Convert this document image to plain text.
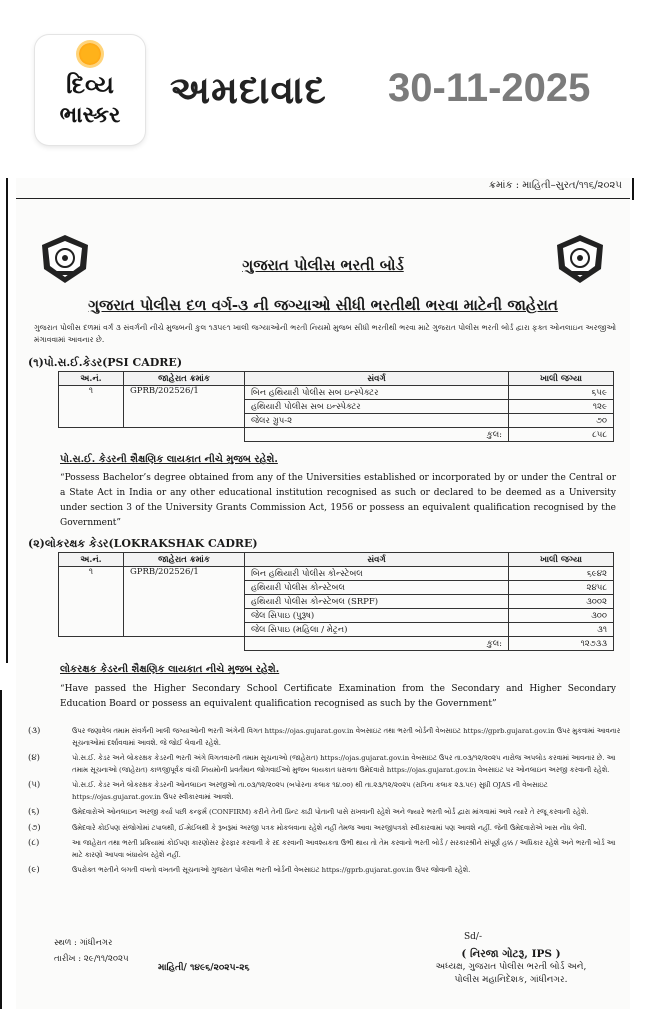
દિવ્ય
ભાસ્કર
અમદાવાદ 30-11-2025
ક્રમાંક : માહિતી–સુરત/૧૧૬/૨૦૨૫
ગુજરાત પોલીસ ભરતી બોર્ડ
ગુજરાત પોલીસ દળ વર્ગ-૩ ની જગ્યાઓ સીધી ભરતીથી ભરવા માટેની જાહેરાત
ગુજરાત પોલીસ દળમાં વર્ગ ૩ સંવર્ગની નીચે મુજબની કુલ ૧૩૫૯૧ ખાલી જગ્યાઓની ભરતી નિયમો મુજબ સીધી ભરતીથી ભરવા માટે ગુજરાત પોલીસ ભરતી બોર્ડ દ્વારા ફક્ત ઓનલાઇન અરજીઓ મંગાવવામાં આવનાર છે.
(૧)પો.સ.ઈ.કેડર(PSI CADRE)
અ.નં.	જાહેરાત ક્રમાંક	સંવર્ગ	ખાલી જગ્યા
૧	GPRB/202526/1	બિન હથિયારી પોલીસ સબ ઇન્સ્પેક્ટર	૬૫૯
		હથિયારી પોલીસ સબ ઇન્સ્પેક્ટર	૧૨૯
		જેલર ગ્રુપ-૨	૭૦
		કુલ:	૮૫૮
પો.સ.ઈ. કેડરની શૈક્ષણિક લાયકાત નીચે મુજબ રહેશે.
“Possess Bachelor’s degree obtained from any of the Universities established or incorporated by or under the Central or a State Act in India or any other educational institution recognised as such or declared to be deemed as a University under section 3 of the University Grants Commission Act, 1956 or possess an equivalent qualification recognised by the Government”
(૨)લોકરક્ષક કેડર(LOKRAKSHAK CADRE)
અ.નં.	જાહેરાત ક્રમાંક	સંવર્ગ	ખાલી જગ્યા
૧	GPRB/202526/1	બિન હથિયારી પોલીસ કોન્સ્ટેબલ	૬૯૪૨
		હથિયારી પોલીસ કોન્સ્ટેબલ	૨૪૫૮
		હથિયારી પોલીસ કોન્સ્ટેબલ (SRPF)	૩૦૦૨
		જેલ સિપાઇ (પુરૂષ)	૩૦૦
		જેલ સિપાઇ (મહિલા / મેટ્રન)	૩૧
		કુલ:	૧૨૭૩૩
લોકરક્ષક કેડરની શૈક્ષણિક લાયકાત નીચે મુજબ રહેશે.
“Have passed the Higher Secondary School Certificate Examination from the Secondary and Higher Secondary Education Board or possess an equivalent qualification recognised as such by the Government”
(૩)	ઉપર જણાવેલ તમામ સંવર્ગની ખાલી જગ્યાઓની ભરતી અંગેની વિગત https://ojas.gujarat.gov.in વેબસાઇટ તથા ભરતી બોર્ડની વેબસાઇટ https://gprb.gujarat.gov.in ઉપર મુકવામાં આવનાર સૂચનાઓમાં દર્શાવવામાં આવશે. જે જોઈ લેવાની રહેશે.
(૪)	પો.સ.ઈ. કેડર અને લોકરક્ષક કેડરની ભરતી અંગે વિગતવારની તમામ સૂચનાઓ (જાહેરાત) https://ojas.gujarat.gov.in વેબસાઇટ ઉપર તા.૦૩/૧૨/૨૦૨૫ નારોજ અપલોડ કરવામાં આવનાર છે. આ તમામ સૂચનાઓ (જાહેરાત) કાળજીપૂર્વક વાંચી નિયમોની પ્રવર્તમાન જોગવાઈઓ મુજબ લાયકાત ધરાવતા ઉમેદવારો https://ojas.gujarat.gov.in વેબસાઇટ પર ઓનલાઇન અરજી કરવાની રહેશે.
(૫)	પો.સ.ઈ. કેડર અને લોકરક્ષક કેડરની ઓનલાઇન અરજીઓ તા.૦૩/૧૨/૨૦૨૫ (બપોરના કલાક ૧૪.૦૦) થી તા.૨૩/૧૨/૨૦૨૫ (રાત્રિના કલાક ૨૩.૫૯) સુધી OJAS ની વેબસાઇટ https://ojas.gujarat.gov.in ઉપર સ્વીકારવામાં આવશે.
(૬)	ઉમેદવારોએ ઓનલાઇન અરજી કર્યા પછી કન્ફર્મ (CONFIRM) કરીને તેની પ્રિન્ટ કાઢી પોતાની પાસે રાખવાની રહેશે અને જ્યારે ભરતી બોર્ડ દ્વારા માંગવામાં આવે ત્યારે તે રજૂ કરવાની રહેશે.
(૭)	ઉમેદવારે કોઈપણ સંજોગોમાં ટપાલથી, ઈ-મેઈલથી કે રૂબરૂમાં અરજી પત્રક મોકલવાના રહેશે નહીં તેમજ આવા અરજીપત્રકો સ્વીકારવામાં પણ આવશે નહીં. જેની ઉમેદવારોએ ખાસ નોંધ લેવી.
(૮)	આ જાહેરાત તથા ભરતી પ્રક્રિયામાં કોઈપણ કારણોસર ફેરફાર કરવાની કે રદ કરવાની આવશ્યકતા ઉભી થાય તો તેમ કરવાનો ભરતી બોર્ડ / સરકારશ્રીને સંપૂર્ણ હક્ક / અધિકાર રહેશે અને ભરતી બોર્ડ આ માટે કારણો આપવા બંધાયેલ રહેશે નહીં.
(૯)	ઉપરોક્ત ભરતીને લગતી વખતો વખતની સૂચનાઓ ગુજરાત પોલીસ ભરતી બોર્ડની વેબસાઇટ https://gprb.gujarat.gov.in ઉપર જોવાની રહેશે.
Sd/-
સ્થળ : ગાંધીનગર
તારીખ : ૨૯/૧૧/૨૦૨૫
માહિતી/ ૧૪૯૬/૨૦૨૫-૨૬
( નિરજા ગોટરૂ, IPS )
અધ્યક્ષ, ગુજરાત પોલીસ ભરતી બોર્ડ અને,
પોલીસ મહાનિદેશક, ગાંધીનગર.
